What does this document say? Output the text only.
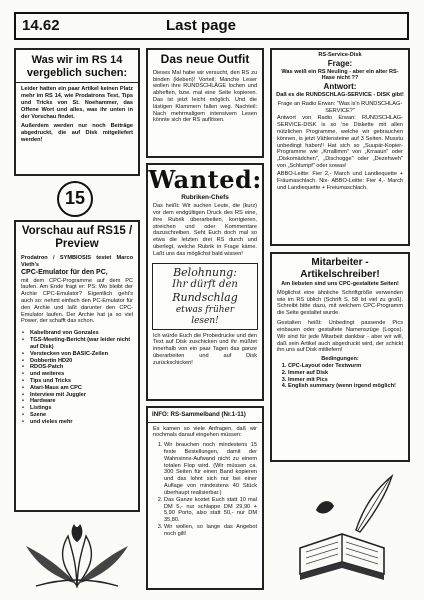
14.62	Last page
Was wir im RS 14 vergeblich suchen:
Leider hatten ein paar Artikel keinen Platz mehr im RS 14, wie Prodatrons Test, Tips und Tricks von St. Noehammer, das Offene Wort und alles, was ihr unten in der Vorschau findet.
Außerdem werden nur noch Beiträge abgedruckt, die auf Disk mitgeliefert werden!
15
Vorschau auf RS15 / Preview
Prodatron / SYMBIOSIS testet Marco Vieth's
CPC-Emulator für den PC,
mit dem CPC-Programme auf dem PC laufen. Am Ende fragt er: PS: Wo bleibt der Archie CPC-Emulator? Eigentlich geht's auch so: nehmt einfach den PC-Emulator für den Archie und laßt darunter den CPC-Emulator laufen. Der Archie hat ja so viel Power, der schafft das schon.
• Kabelbrand von Gonzales
• TGS-Meeting-Bericht (war leider nicht auf Disk)
• Verstecken von BASIC-Zeilen
• Dobbertin HD20
• RDOS-Patch
• und weiteres
• Tips und Tricks
• Atari-Maus am CPC
• Interview mit Juggler
• Hardware
• Listings
• Szene
• und vieles mehr
Das neue Outfit
Dieses Mal habe wir versucht, den RS zu binden (kleben)! Vorteil: Manche Leser wollen ihre RUNDSCHLÄGE lochen und abheften, bzw. mal eine Seite kopieren. Das ist jetzt leicht möglich. Und die lästigen Klammern fallen weg. Nachteil: Nach mehrmaligem intensivem Lesen könnte sich der RS auflösen.
Wanted:
Rubriken-Chefs
Das heißt: Wir suchen Leute, die (kurz) vor dem endgültigen Druck des RS eine, ihre Rubrik überarbeiten, korrigieren, streichen und oder Kommentare dazuschreiben. Seht Euch doch mal so etwa die letzten drei RS durch und überlegt, welche Rubrik in Frage käme. Laßt uns das möglichst bald wissen!
Belohnung:
Ihr dürft den
Rundschlag
etwas früher
lesen!
Ich würde Euch die Probedrucke und den Text auf Disk zuschicken und ihr müßtet innerhalb von ein paar Tagen das ganze überarbeiten und auf Disk zurückschicken!
INFO: RS-Sammelband (Nr.1-11)
Es kamen so viele Anfragen, daß wir nochmals darauf eingehen müssen:
1. Wir brauchen noch mindestens 15 feste Bestellungen, damit der Wahnsinns-Aufwand nicht zu einem totalen Flop wird. (Wir müssen ca. 300 Seiten für einen Band kopieren und das lohnt sich nur bei einer Auflage von mindestens 40 Stück überhaupt realisierbar.)
2. Das Ganze kostet Euch statt 10 mal DM 5,- nur schlappe DM 29,90 + 5,90 Porto, also statt 50,- nur DM 35,80.
3. Wir wollen, so lange das Angebot noch gilt!
RS-Service-Disk
Frage:
Was weiß ein RS Neuling - aber ein alter RS-Hase nicht ??
Antwort:
Daß es die RUNDSCHLAG-SERVICE - DISK gibt!
Frage an Radio Erwan: "Was is'n RUNDSCHLAG-SERVICE?"
Antwort von Radio Erwan: RUNDSCHLAG-SERVICE-DISK is so 'ne Diskette mit allen nützlichen Programme, welche wir gebrauchen können, is jetzt Vählensteine auf 3 Seiten. Musstu unbedingt haben!! Hat sich so „Suupär-Kopier-Programme wie „Krrallimm" von „Krraaun" oder „Diskomädchen", „Dischogge" oder „Dezehweh" von „Schlumpf" oder sowas!
ABBO-Leitte: Fier 2,- March und Landiequette + Fräumaschlach. Nix- ABBO-Leitte: Fier 4,- March und Landiequette + Freiumaschlach.
Mitarbeiter - Artikelschreiber!
Am liebsten sind uns CPC-gestaltete Seiten!
Möglichst eine ähnliche Schriftgröße verwenden wie im RS üblich (Schrift S, 58 ist viel zu groß). Schreibt bitte dazu, mit welchem CPC-Programm die Seite gestaltet wurde.
Gestalten heißt: Unbedingt passende Pics einbauen oder gestaltete Namenszüge (Logos). Wir sind für jede Mitarbeit dankbar - aber wir will, daß sein Artikel auch abgedruckt wird, der schickt ihn uns auf Disk mitliefern!
Bedingungen:
1. CPC-Layout oder Textwurm
2. Immer auf Disk
3. Immer mit Pics
4. English summary (wenn irgend möglich!
